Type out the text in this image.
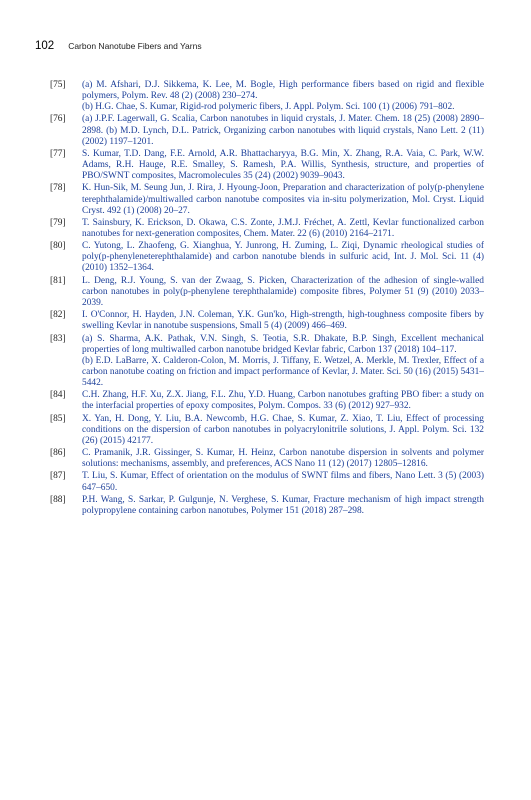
102 Carbon Nanotube Fibers and Yarns
[75]	(a) M. Afshari, D.J. Sikkema, K. Lee, M. Bogle, High performance fibers based on rigid and flexible polymers, Polym. Rev. 48 (2) (2008) 230–274.
(b) H.G. Chae, S. Kumar, Rigid-rod polymeric fibers, J. Appl. Polym. Sci. 100 (1) (2006) 791–802.
[76]	(a) J.P.F. Lagerwall, G. Scalia, Carbon nanotubes in liquid crystals, J. Mater. Chem. 18 (25) (2008) 2890–2898. (b) M.D. Lynch, D.L. Patrick, Organizing carbon nanotubes with liquid crystals, Nano Lett. 2 (11) (2002) 1197–1201.
[77]	S. Kumar, T.D. Dang, F.E. Arnold, A.R. Bhattacharyya, B.G. Min, X. Zhang, R.A. Vaia, C. Park, W.W. Adams, R.H. Hauge, R.E. Smalley, S. Ramesh, P.A. Willis, Synthesis, structure, and properties of PBO/SWNT composites, Macromolecules 35 (24) (2002) 9039–9043.
[78]	K. Hun-Sik, M. Seung Jun, J. Rira, J. Hyoung-Joon, Preparation and characterization of poly(p-phenylene terephthalamide)/multiwalled carbon nanotube composites via in-situ polymerization, Mol. Cryst. Liquid Cryst. 492 (1) (2008) 20–27.
[79]	T. Sainsbury, K. Erickson, D. Okawa, C.S. Zonte, J.M.J. Fréchet, A. Zettl, Kevlar functionalized carbon nanotubes for next-generation composites, Chem. Mater. 22 (6) (2010) 2164–2171.
[80]	C. Yutong, L. Zhaofeng, G. Xianghua, Y. Junrong, H. Zuming, L. Ziqi, Dynamic rheological studies of poly(p-phenyleneterephthalamide) and carbon nanotube blends in sulfuric acid, Int. J. Mol. Sci. 11 (4) (2010) 1352–1364.
[81]	L. Deng, R.J. Young, S. van der Zwaag, S. Picken, Characterization of the adhesion of single-walled carbon nanotubes in poly(p-phenylene terephthalamide) composite fibres, Polymer 51 (9) (2010) 2033–2039.
[82]	I. O'Connor, H. Hayden, J.N. Coleman, Y.K. Gun'ko, High-strength, high-toughness composite fibers by swelling Kevlar in nanotube suspensions, Small 5 (4) (2009) 466–469.
[83]	(a) S. Sharma, A.K. Pathak, V.N. Singh, S. Teotia, S.R. Dhakate, B.P. Singh, Excellent mechanical properties of long multiwalled carbon nanotube bridged Kevlar fabric, Carbon 137 (2018) 104–117.
(b) E.D. LaBarre, X. Calderon-Colon, M. Morris, J. Tiffany, E. Wetzel, A. Merkle, M. Trexler, Effect of a carbon nanotube coating on friction and impact performance of Kevlar, J. Mater. Sci. 50 (16) (2015) 5431–5442.
[84]	C.H. Zhang, H.F. Xu, Z.X. Jiang, F.L. Zhu, Y.D. Huang, Carbon nanotubes grafting PBO fiber: a study on the interfacial properties of epoxy composites, Polym. Compos. 33 (6) (2012) 927–932.
[85]	X. Yan, H. Dong, Y. Liu, B.A. Newcomb, H.G. Chae, S. Kumar, Z. Xiao, T. Liu, Effect of processing conditions on the dispersion of carbon nanotubes in polyacrylonitrile solutions, J. Appl. Polym. Sci. 132 (26) (2015) 42177.
[86]	C. Pramanik, J.R. Gissinger, S. Kumar, H. Heinz, Carbon nanotube dispersion in solvents and polymer solutions: mechanisms, assembly, and preferences, ACS Nano 11 (12) (2017) 12805–12816.
[87]	T. Liu, S. Kumar, Effect of orientation on the modulus of SWNT films and fibers, Nano Lett. 3 (5) (2003) 647–650.
[88]	P.H. Wang, S. Sarkar, P. Gulgunje, N. Verghese, S. Kumar, Fracture mechanism of high impact strength polypropylene containing carbon nanotubes, Polymer 151 (2018) 287–298.
